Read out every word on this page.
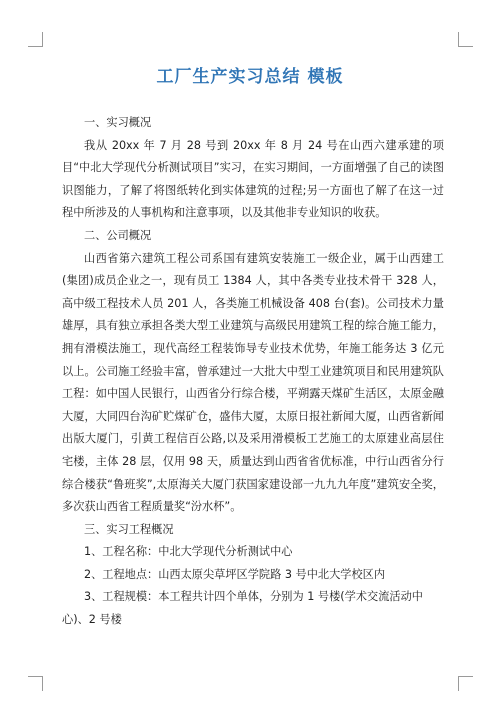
工厂生产实习总结 模板

一、实习概况

我从 20xx 年 7 月 28 号到 20xx 年 8 月 24 号在山西六建承建的项目“中北大学现代分析测试项目”实习，在实习期间，一方面增强了自己的读图识图能力，了解了将图纸转化到实体建筑的过程;另一方面也了解了在这一过程中所涉及的人事机构和注意事项，以及其他非专业知识的收获。

二、公司概况

山西省第六建筑工程公司系国有建筑安装施工一级企业，属于山西建工(集团)成员企业之一，现有员工 1384 人，其中各类专业技术骨干 328 人，高中级工程技术人员 201 人，各类施工机械设备 408 台(套)。公司技术力量雄厚，具有独立承担各类大型工业建筑与高级民用建筑工程的综合施工能力，拥有滑模法施工，现代高经工程装饰导专业技术优势，年施工能务达 3 亿元以上。公司施工经验丰富，曾承建过一大批大中型工业建筑项目和民用建筑队工程：如中国人民银行，山西省分行综合楼，平朔露天煤矿生活区，太原金融大厦，大同四台沟矿贮煤矿仓，盛伟大厦，太原日报社新闻大厦，山西省新闻出版大厦门，引黄工程信百公路,以及采用滑模板工艺施工的太原建业高层住宅楼，主体 28 层，仅用 98 天，质量达到山西省省优标准，中行山西省分行综合楼获“鲁班奖”,太原海关大厦门获国家建设部一九九九年度”建筑安全奖，多次获山西省工程质量奖“汾水杯”。

三、实习工程概况

1、工程名称：中北大学现代分析测试中心

2、工程地点：山西太原尖草坪区学院路 3 号中北大学校区内

3、工程规模：本工程共计四个单体，分别为 1 号楼(学术交流活动中心)、2 号楼
